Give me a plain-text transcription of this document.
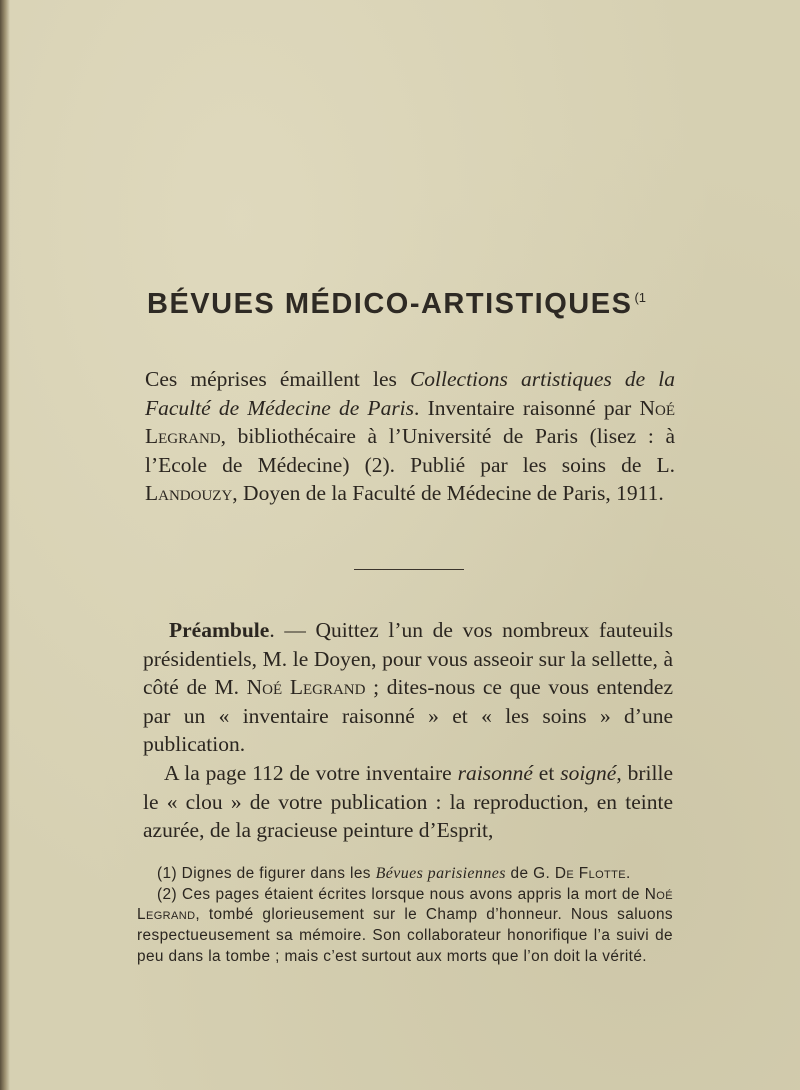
BÉVUES MÉDICO-ARTISTIQUES $^{(1}$
Ces méprises émaillent les Collections artistiques de la Faculté de Médecine de Paris. Inventaire raisonné par Noé Legrand, bibliothécaire à l’Université de Paris (lisez : à l’Ecole de Médecine) (2). Publié par les soins de L. Landouzy, Doyen de la Faculté de Médecine de Paris, 1911.

Préambule. — Quittez l’un de vos nombreux fauteuils présidentiels, M. le Doyen, pour vous asseoir sur la sellette, à côté de M. Noé Legrand ; dites-nous ce que vous entendez par un « inventaire raisonné » et « les soins » d’une publication.

A la page 112 de votre inventaire raisonné et soigné, brille le « clou » de votre publication : la reproduction, en teinte azurée, de la gracieuse peinture d’Esprit,

(1) Dignes de figurer dans les Bévues parisiennes de G. De Flotte.

(2) Ces pages étaient écrites lorsque nous avons appris la mort de Noé Legrand, tombé glorieusement sur le Champ d’honneur. Nous saluons respectueusement sa mémoire. Son collaborateur honorifique l’a suivi de peu dans la tombe ; mais c’est surtout aux morts que l’on doit la vérité.
